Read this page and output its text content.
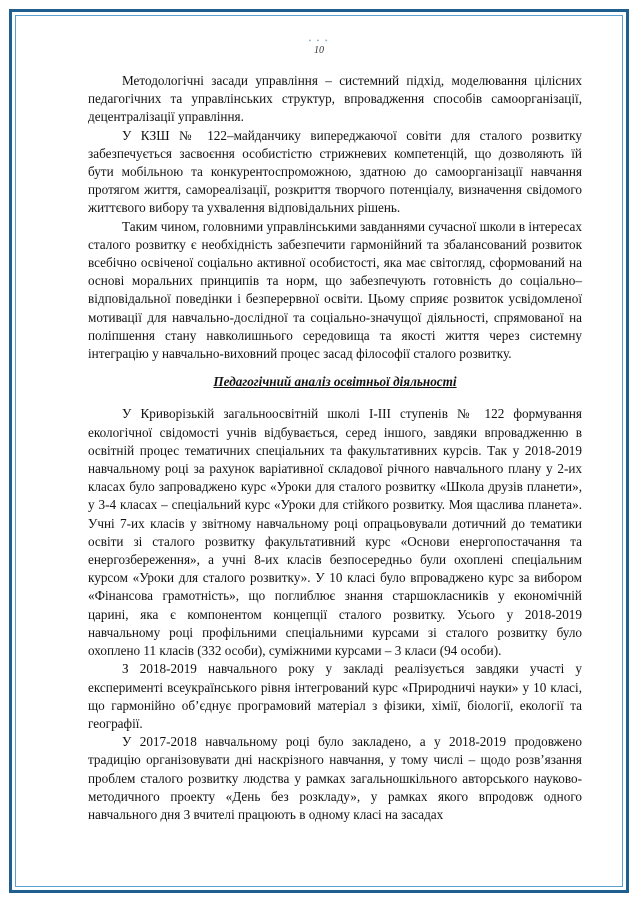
• • •
10

Методологічні засади управління – системний підхід, моделювання цілісних педагогічних та управлінських структур, впровадження способів самоорганізації, децентралізації управління.

У КЗШ № 122–майданчику випереджаючої совіти для сталого розвитку забезпечується засвоєння особистістю стрижневих компетенцій, що дозволяють їй бути мобільною та конкурентоспроможною, здатною до самоорганізації навчання протягом життя, самореалізації, розкриття творчого потенціалу, визначення свідомого життєвого вибору та ухвалення відповідальних рішень.

Таким чином, головними управлінськими завданнями сучасної школи в інтересах сталого розвитку є необхідність забезпечити гармонійний та збалансований розвиток всебічно освіченої соціально активної особистості, яка має світогляд, сформований на основі моральних принципів та норм, що забезпечують готовність до соціально–відповідальної поведінки і безперервної освіти. Цьому сприяє розвиток усвідомленої мотивації для навчально-дослідної та соціально-значущої діяльності, спрямованої на поліпшення стану навколишнього середовища та якості життя через системну інтеграцію у навчально-виховний процес засад філософії сталого розвитку.

Педагогічний аналіз освітньої діяльності

У Криворізькій загальноосвітній школі І-ІІІ ступенів № 122 формування екологічної свідомості учнів відбувається, серед іншого, завдяки впровадженню в освітній процес тематичних спеціальних та факультативних курсів. Так у 2018-2019 навчальному році за рахунок варіативної складової річного навчального плану у 2-их класах було запроваджено курс «Уроки для сталого розвитку «Школа друзів планети», у 3-4 класах – спеціальний курс «Уроки для стійкого розвитку. Моя щаслива планета». Учні 7-их класів у звітному навчальному році опрацьовували дотичний до тематики освіти зі сталого розвитку факультативний курс «Основи енергопостачання та енергозбереження», а учні 8-их класів безпосередньо були охоплені спеціальним курсом «Уроки для сталого розвитку». У 10 класі було впроваджено курс за вибором «Фінансова грамотність», що поглиблює знання старшокласників у економічній царині, яка є компонентом концепції сталого розвитку. Усього у 2018-2019 навчальному році профільними спеціальними курсами зі сталого розвитку було охоплено 11 класів (332 особи), суміжними курсами – 3 класи (94 особи).

З 2018-2019 навчального року у закладі реалізується завдяки участі у експерименті всеукраїнського рівня інтегрований курс «Природничі науки» у 10 класі, що гармонійно об’єднує програмовий матеріал з фізики, хімії, біології, екології та географії.

У 2017-2018 навчальному році було закладено, а у 2018-2019 продовжено традицію організовувати дні наскрізного навчання, у тому числі – щодо розв’язання проблем сталого розвитку людства у рамках загальношкільного авторського науково-методичного проекту «День без розкладу», у рамках якого впродовж одного навчального дня 3 вчителі працюють в одному класі на засадах
